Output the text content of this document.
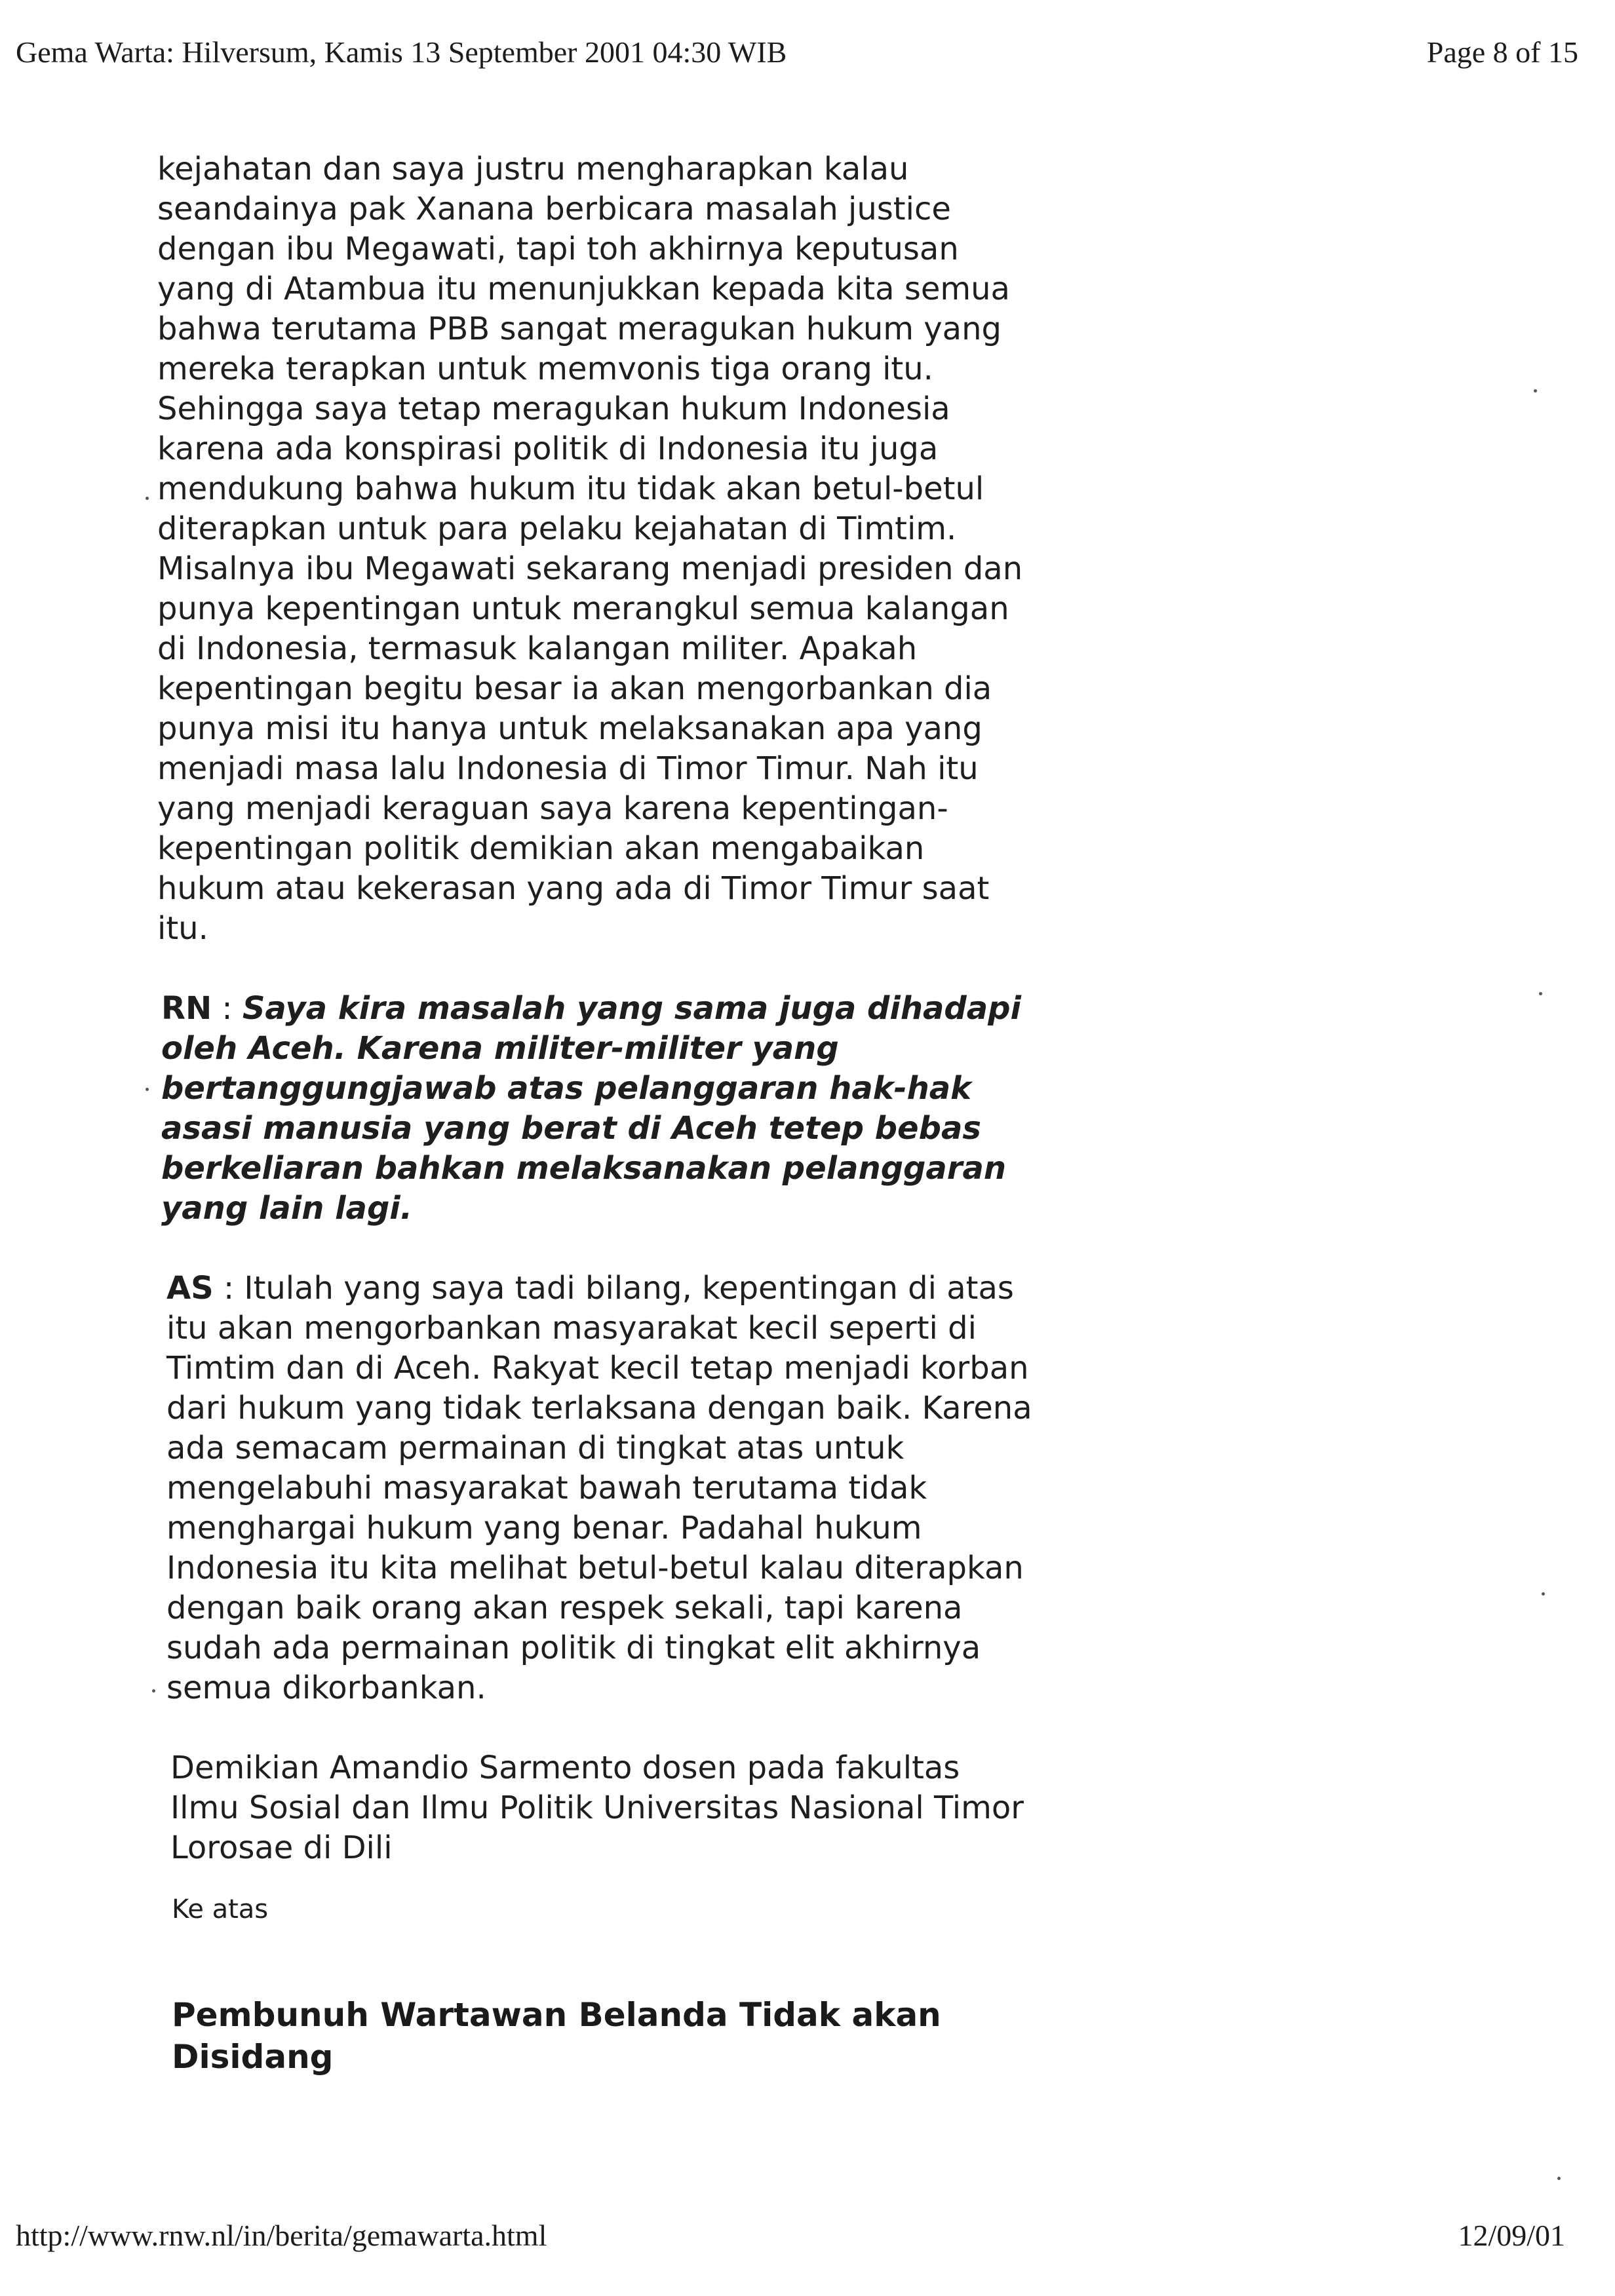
Gema Warta: Hilversum, Kamis 13 September 2001 04:30 WIB	Page 8 of 15
kejahatan dan saya justru mengharapkan kalau
seandainya pak Xanana berbicara masalah justice
dengan ibu Megawati, tapi toh akhirnya keputusan
yang di Atambua itu menunjukkan kepada kita semua
bahwa terutama PBB sangat meragukan hukum yang
mereka terapkan untuk memvonis tiga orang itu.
Sehingga saya tetap meragukan hukum Indonesia
karena ada konspirasi politik di Indonesia itu juga
mendukung bahwa hukum itu tidak akan betul-betul
diterapkan untuk para pelaku kejahatan di Timtim.
Misalnya ibu Megawati sekarang menjadi presiden dan
punya kepentingan untuk merangkul semua kalangan
di Indonesia, termasuk kalangan militer. Apakah
kepentingan begitu besar ia akan mengorbankan dia
punya misi itu hanya untuk melaksanakan apa yang
menjadi masa lalu Indonesia di Timor Timur. Nah itu
yang menjadi keraguan saya karena kepentingan-
kepentingan politik demikian akan mengabaikan
hukum atau kekerasan yang ada di Timor Timur saat
itu.
RN : Saya kira masalah yang sama juga dihadapi
oleh Aceh. Karena militer-militer yang
bertanggungjawab atas pelanggaran hak-hak
asasi manusia yang berat di Aceh tetep bebas
berkeliaran bahkan melaksanakan pelanggaran
yang lain lagi.
AS : Itulah yang saya tadi bilang, kepentingan di atas
itu akan mengorbankan masyarakat kecil seperti di
Timtim dan di Aceh. Rakyat kecil tetap menjadi korban
dari hukum yang tidak terlaksana dengan baik. Karena
ada semacam permainan di tingkat atas untuk
mengelabuhi masyarakat bawah terutama tidak
menghargai hukum yang benar. Padahal hukum
Indonesia itu kita melihat betul-betul kalau diterapkan
dengan baik orang akan respek sekali, tapi karena
sudah ada permainan politik di tingkat elit akhirnya
semua dikorbankan.
Demikian Amandio Sarmento dosen pada fakultas
Ilmu Sosial dan Ilmu Politik Universitas Nasional Timor
Lorosae di Dili
Ke atas
Pembunuh Wartawan Belanda Tidak akan
Disidang
http://www.rnw.nl/in/berita/gemawarta.html	12/09/01
